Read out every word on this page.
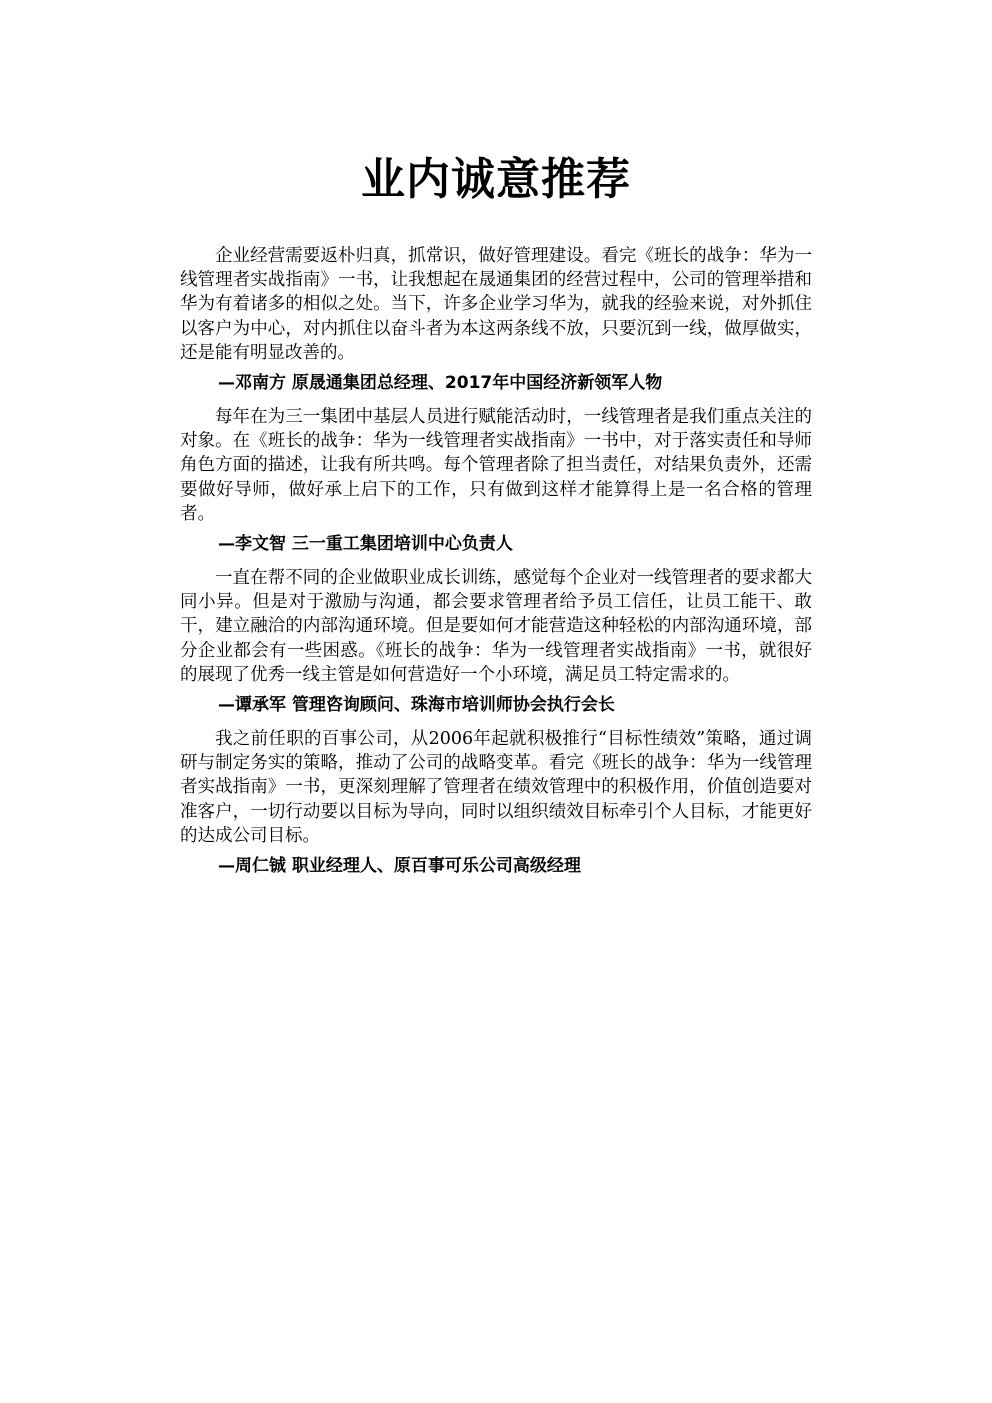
业内诚意推荐

企业经营需要返朴归真，抓常识，做好管理建设。看完《班长的战争：华为一线管理者实战指南》一书，让我想起在晟通集团的经营过程中，公司的管理举措和华为有着诸多的相似之处。当下，许多企业学习华为，就我的经验来说，对外抓住以客户为中心，对内抓住以奋斗者为本这两条线不放，只要沉到一线，做厚做实，还是能有明显改善的。

—邓南方 原晟通集团总经理、2017年中国经济新领军人物

每年在为三一集团中基层人员进行赋能活动时，一线管理者是我们重点关注的对象。在《班长的战争：华为一线管理者实战指南》一书中，对于落实责任和导师角色方面的描述，让我有所共鸣。每个管理者除了担当责任，对结果负责外，还需要做好导师，做好承上启下的工作，只有做到这样才能算得上是一名合格的管理者。

—李文智 三一重工集团培训中心负责人

一直在帮不同的企业做职业成长训练，感觉每个企业对一线管理者的要求都大同小异。但是对于激励与沟通，都会要求管理者给予员工信任，让员工能干、敢干，建立融洽的内部沟通环境。但是要如何才能营造这种轻松的内部沟通环境，部分企业都会有一些困惑。《班长的战争：华为一线管理者实战指南》一书，就很好的展现了优秀一线主管是如何营造好一个小环境，满足员工特定需求的。

—谭承军 管理咨询顾问、珠海市培训师协会执行会长

我之前任职的百事公司，从2006年起就积极推行“目标性绩效”策略，通过调研与制定务实的策略，推动了公司的战略变革。看完《班长的战争：华为一线管理者实战指南》一书，更深刻理解了管理者在绩效管理中的积极作用，价值创造要对准客户，一切行动要以目标为导向，同时以组织绩效目标牵引个人目标，才能更好的达成公司目标。

—周仁铖 职业经理人、原百事可乐公司高级经理
